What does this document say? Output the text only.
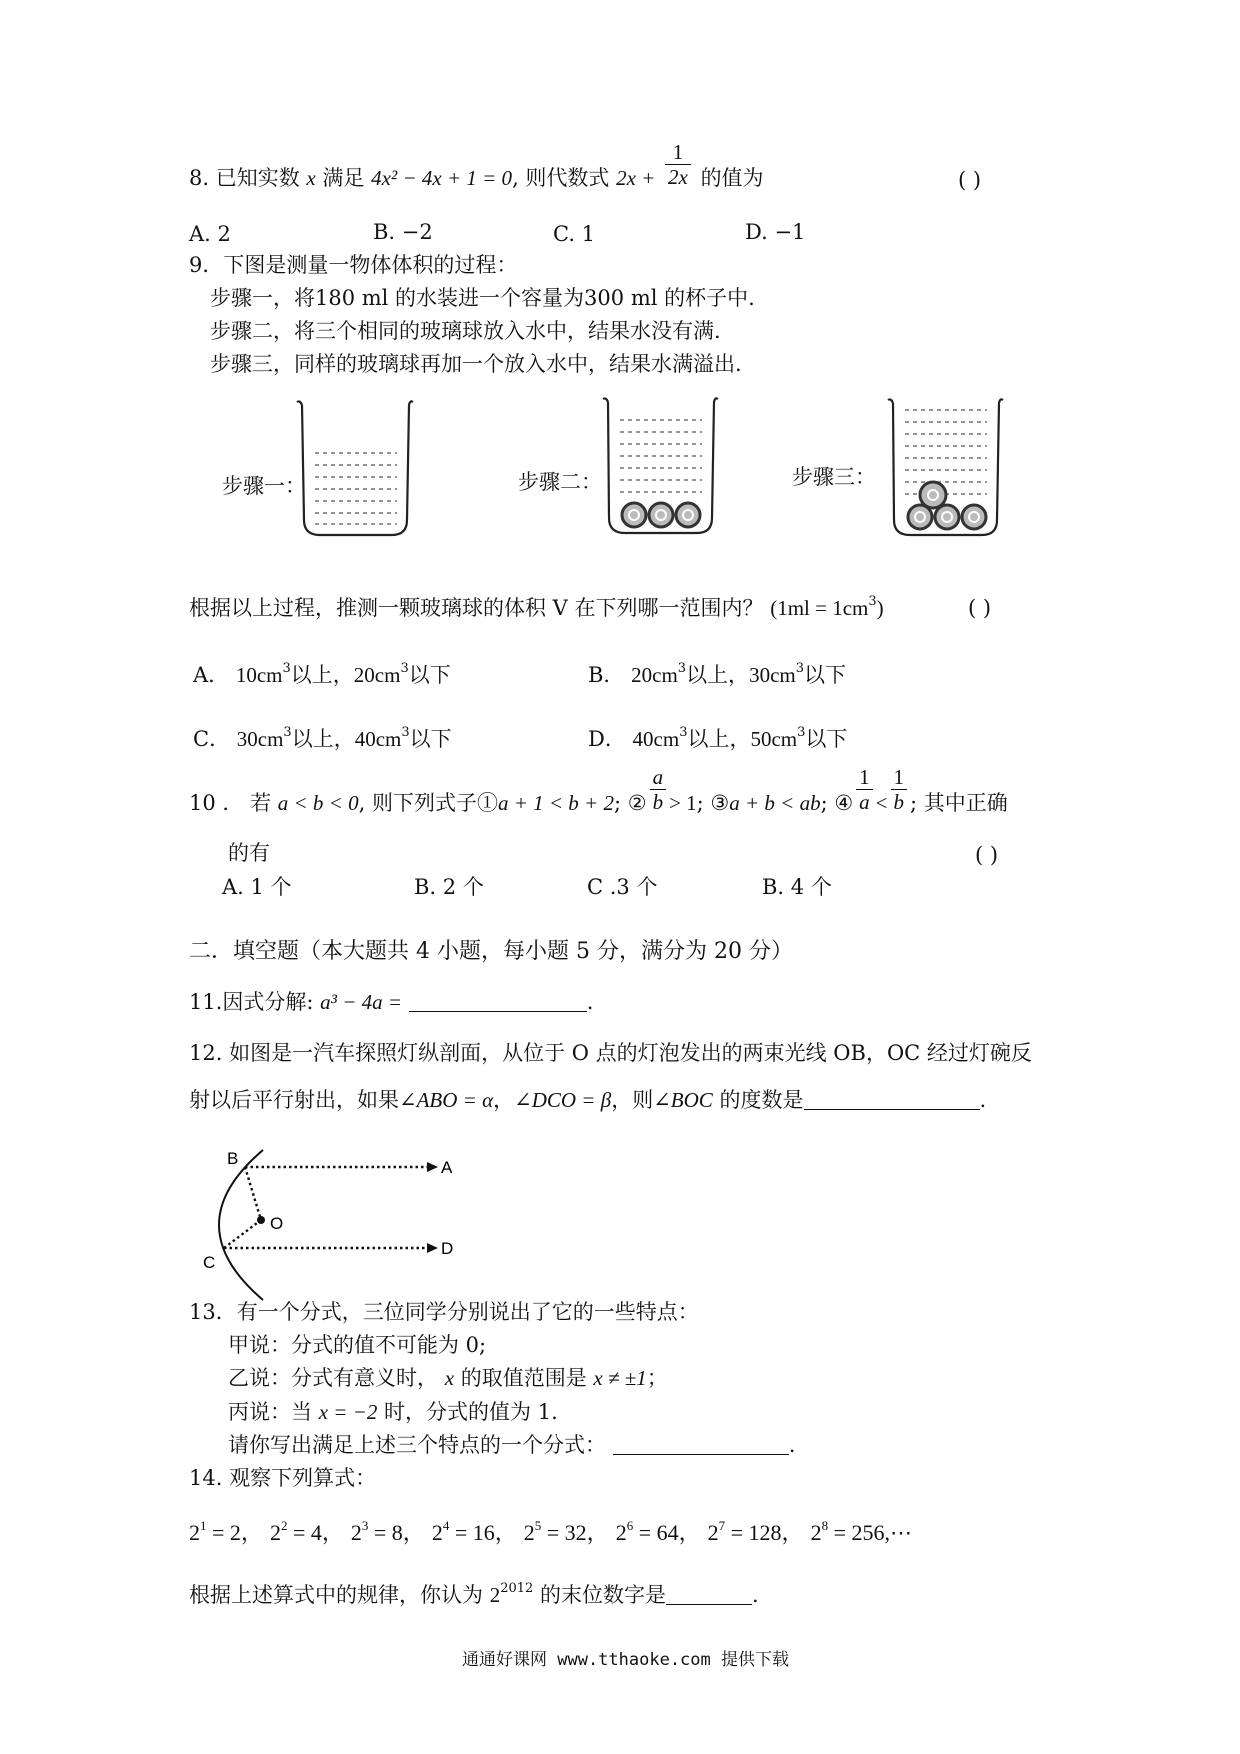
8. 已知实数 x 满足 4x² − 4x + 1 = 0, 则代数式 $2x + \frac{1}{2x}$ 的值为	( )
A. 2	B. −2	C. 1	D. −1
9．下图是测量一物体体积的过程：
步骤一，将180 ml 的水装进一个容量为300 ml 的杯子中.
步骤二，将三个相同的玻璃球放入水中，结果水没有满.
步骤三，同样的玻璃球再加一个放入水中，结果水满溢出.
步骤一：	步骤二：	步骤三：
根据以上过程，推测一颗玻璃球的体积 V 在下列哪一范围内？ $(1ml = 1cm^3)$	( )
A． $10cm^3$以上，$20cm^3$以下	B． $20cm^3$以上，$30cm^3$以下
C． $30cm^3$以上，$40cm^3$以下	D． $40cm^3$以上，$50cm^3$以下
10 ． 若 a < b < 0, 则下列式子①a + 1 < b + 2; ② $\frac{a}{b} > 1$; ③a + b < ab; ④ $\frac{1}{a} < \frac{1}{b}$ ; 其中正确
的有	( )
A. 1 个	B. 2 个	C .3 个	B. 4 个
二．填空题（本大题共 4 小题，每小题 5 分，满分为 20 分）
11.因式分解: a³ − 4a =	.
12. 如图是一汽车探照灯纵剖面，从位于 O 点的灯泡发出的两束光线 OB，OC 经过灯碗反
射以后平行射出，如果∠ABO = α，∠DCO = β，则∠BOC 的度数是	.
B	A
O
C
D
13．有一个分式，三位同学分别说出了它的一些特点：
甲说：分式的值不可能为 0;
乙说：分式有意义时， x 的取值范围是 x ≠ ±1；
丙说：当 x = −2 时，分式的值为 1.
请你写出满足上述三个特点的一个分式：	.
14. 观察下列算式：
$2^1 = 2$， $2^2 = 4$， $2^3 = 8$， $2^4 = 16$， $2^5 = 32$， $2^6 = 64$， $2^7 = 128$， $2^8$ = 256,⋯
根据上述算式中的规律，你认为 $2^{2012}$ 的末位数字是	.
通通好课网 www.tthaoke.com 提供下载
